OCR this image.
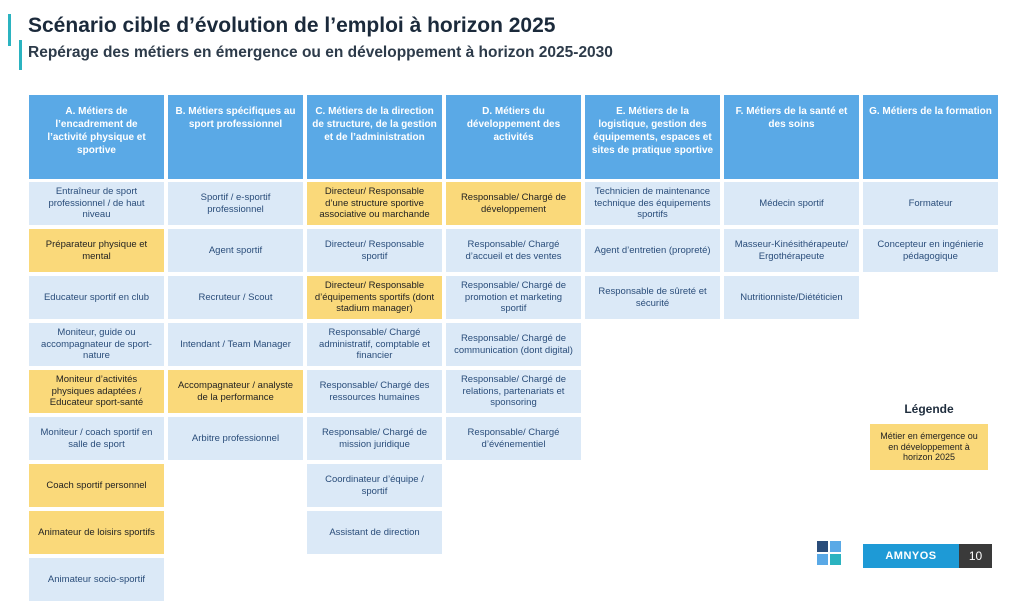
Scénario cible d’évolution de l’emploi à horizon 2025
Repérage des métiers en émergence ou en développement à horizon 2025-2030
A. Métiers de l’encadrement de l’activité physique et sportive
Entraîneur de sport professionnel / de haut niveau
Préparateur physique et mental
Educateur sportif en club
Moniteur, guide ou accompagnateur de sport-nature
Moniteur d’activités physiques adaptées / Educateur sport-santé
Moniteur / coach sportif en salle de sport
Coach sportif personnel
Animateur de loisirs sportifs
Animateur socio-sportif
B. Métiers spécifiques au sport professionnel
Sportif / e-sportif professionnel
Agent sportif
Recruteur / Scout
Intendant / Team Manager
Accompagnateur / analyste de la performance
Arbitre professionnel
C. Métiers de la direction de structure, de la gestion et de l’administration
Directeur/ Responsable d’une structure sportive associative ou marchande
Directeur/ Responsable sportif
Directeur/ Responsable d’équipements sportifs (dont stadium manager)
Responsable/ Chargé administratif, comptable et financier
Responsable/ Chargé des ressources humaines
Responsable/ Chargé de mission juridique
Coordinateur d’équipe / sportif
Assistant de direction
D. Métiers du développement des activités
Responsable/ Chargé de développement
Responsable/ Chargé d’accueil et des ventes
Responsable/ Chargé de promotion et marketing sportif
Responsable/ Chargé de communication (dont digital)
Responsable/ Chargé de relations, partenariats et sponsoring
Responsable/ Chargé d’événementiel
E. Métiers de la logistique, gestion des équipements, espaces et sites de pratique sportive
Technicien de maintenance technique des équipements sportifs
Agent d’entretien (propreté)
Responsable de sûreté et sécurité
F. Métiers de la santé et des soins
Médecin sportif
Masseur-Kinésithérapeute/ Ergothérapeute
Nutritionniste/Diététicien
G. Métiers de la formation
Formateur
Concepteur en ingénierie pédagogique
Légende
Métier en émergence ou en développement à horizon 2025
AMNYOS	10
